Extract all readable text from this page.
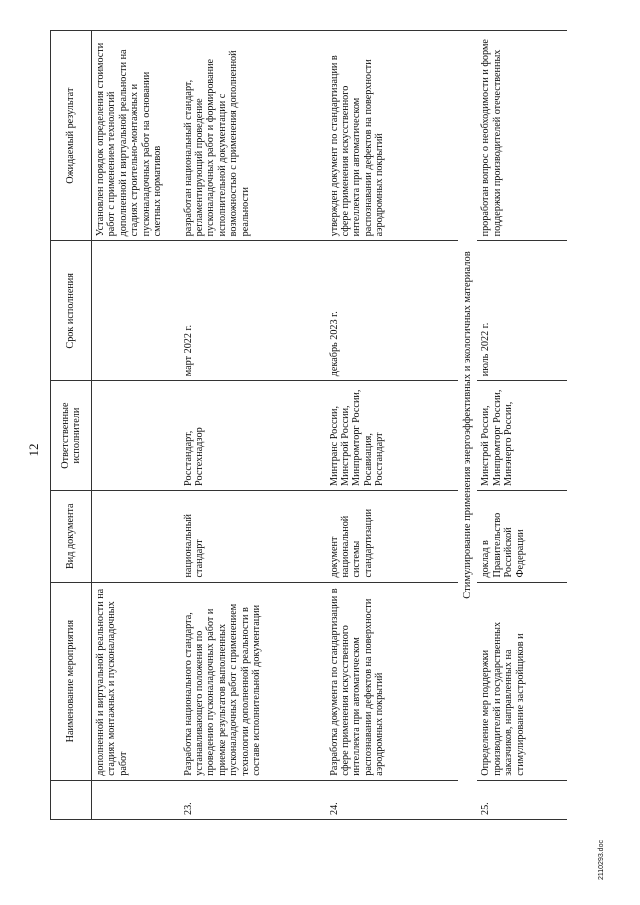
12
	Наименование мероприятия	Вид документа	Ответственные исполнители	Срок исполнения	Ожидаемый результат
	дополненной и виртуальной реальности на стадиях монтажных и пусконаладочных работ				Установлен порядок определения стоимости работ с применением технологий дополненной и виртуальной реальности на стадиях строительно-монтажных и пусконаладочных работ на основании сметных нормативов
23.	Разработка национального стандарта, устанавливающего положения по проведению пусконаладочных работ и приемке результатов выполненных пусконаладочных работ с применением технологии дополненной реальности в составе исполнительной документации	национальный стандарт	Росстандарт, Ростехнадзор	март 2022 г.	разработан национальный стандарт, регламентирующий проведение пусконаладочных работ и формирование исполнительной документации с возможностью с применения дополненной реальности
24.	Разработка документа по стандартизации в сфере применения искусственного интеллекта при автоматическом распознавании дефектов на поверхности аэродромных покрытий	документ национальной системы стандартизации	Минтранс России, Минстрой России, Минпромторг России, Росавиация, Росстандарт	декабрь 2023 г.	утвержден документ по стандартизации в сфере применения искусственного интеллекта при автоматическом распознавании дефектов на поверхности аэродромных покрытий
Стимулирование применения энергоэффективных и экологичных материалов					
25.	Определение мер поддержки производителей и государственных заказчиков, направленных на стимулирование застройщиков и	доклад в Правительство Российской Федерации	Минстрой России, Минпромторг России, Минэнерго России,	июль 2022 г.	проработан вопрос о необходимости и форме поддержки производителей отечественных
2110293.doc
